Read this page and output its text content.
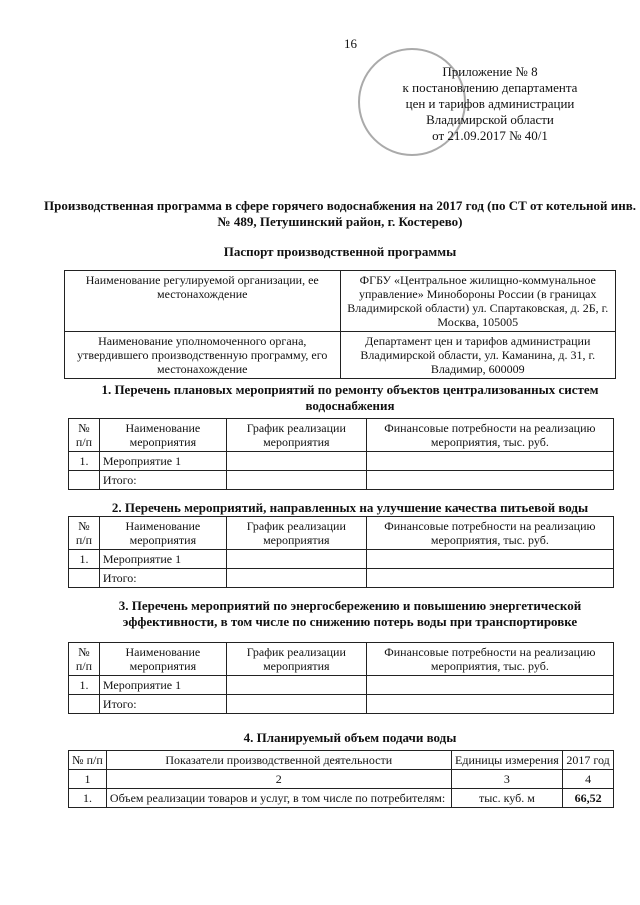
16
Приложение № 8
к постановлению департамента
цен и тарифов администрации
Владимирской области
от 21.09.2017 № 40/1
Производственная программа в сфере горячего водоснабжения на 2017 год (по СТ от котельной инв. № 489, Петушинский район, г. Костерево)
Паспорт производственной программы
Наименование регулируемой организации, ее местонахождение	ФГБУ «Центральное жилищно-коммунальное управление» Минобороны России (в границах Владимирской области) ул. Спартаковская, д. 2Б, г. Москва, 105005
Наименование уполномоченного органа, утвердившего производственную программу, его местонахождение	Департамент цен и тарифов администрации Владимирской области, ул. Каманина, д. 31, г. Владимир, 600009
1. Перечень плановых мероприятий по ремонту объектов централизованных систем водоснабжения
№ п/п	Наименование мероприятия	График реализации мероприятия	Финансовые потребности на реализацию мероприятия, тыс. руб.
1.	Мероприятие 1		
	Итого:		
2. Перечень мероприятий, направленных на улучшение качества питьевой воды
№ п/п	Наименование мероприятия	График реализации мероприятия	Финансовые потребности на реализацию мероприятия, тыс. руб.
1.	Мероприятие 1		
	Итого:		
3. Перечень мероприятий по энергосбережению и повышению энергетической эффективности, в том числе по снижению потерь воды при транспортировке
№ п/п	Наименование мероприятия	График реализации мероприятия	Финансовые потребности на реализацию мероприятия, тыс. руб.
1.	Мероприятие 1		
	Итого:		
4. Планируемый объем подачи воды
№ п/п	Показатели производственной деятельности	Единицы измерения	2017 год
1	2	3	4
1.	Объем реализации товаров и услуг, в том числе по потребителям:	тыс. куб. м	66,52
